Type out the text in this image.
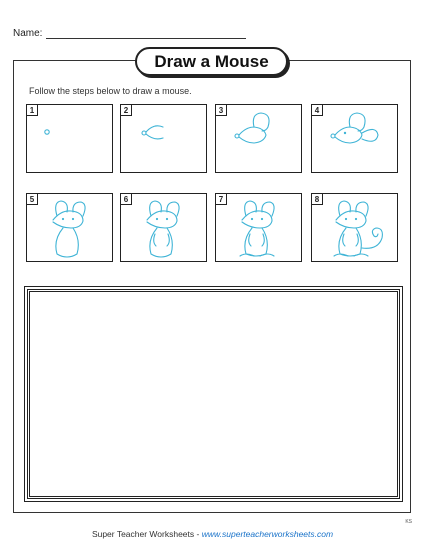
Name:
Draw a Mouse
Follow the steps below to draw a mouse.
1	2	3	4
5	6	7	8
KS
Super Teacher Worksheets - www.superteacherworksheets.com
